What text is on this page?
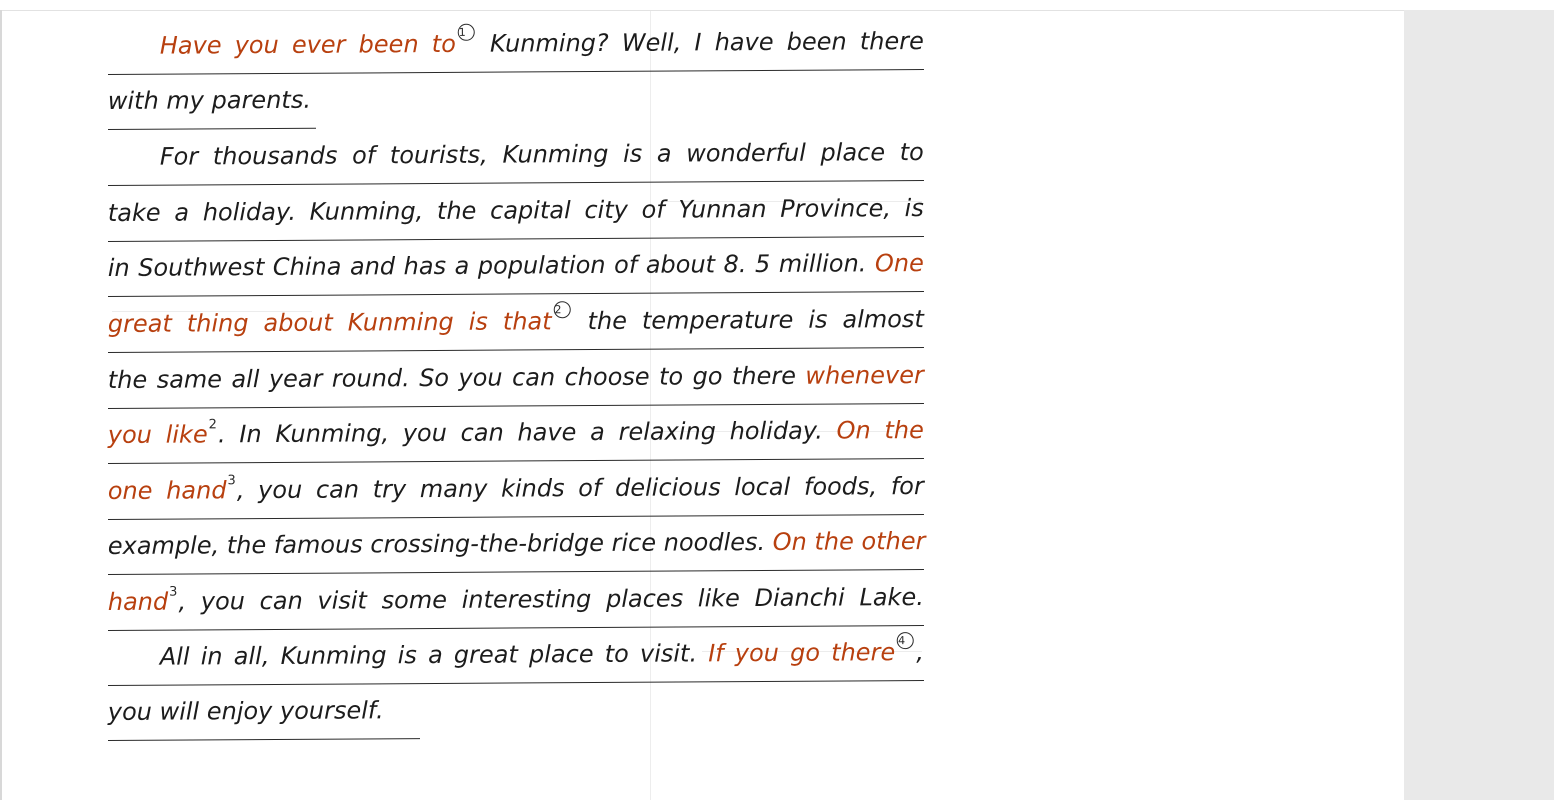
Have you ever been to 1 Kunming? Well, I have been there
with my parents.
For thousands of tourists, Kunming is a wonderful place to
take a holiday. Kunming, the capital city of Yunnan Province, is
in Southwest China and has a population of about 8. 5 million. One
great thing about Kunming is that 2 the temperature is almost
the same all year round. So you can choose to go there whenever
you like$^2$. In Kunming, you can have a relaxing holiday. On the
one hand$^3$, you can try many kinds of delicious local foods, for
example, the famous crossing-the-bridge rice noodles. On the other
hand$^3$, you can visit some interesting places like Dianchi Lake.
All in all, Kunming is a great place to visit. If you go there 4 ,
you will enjoy yourself.
